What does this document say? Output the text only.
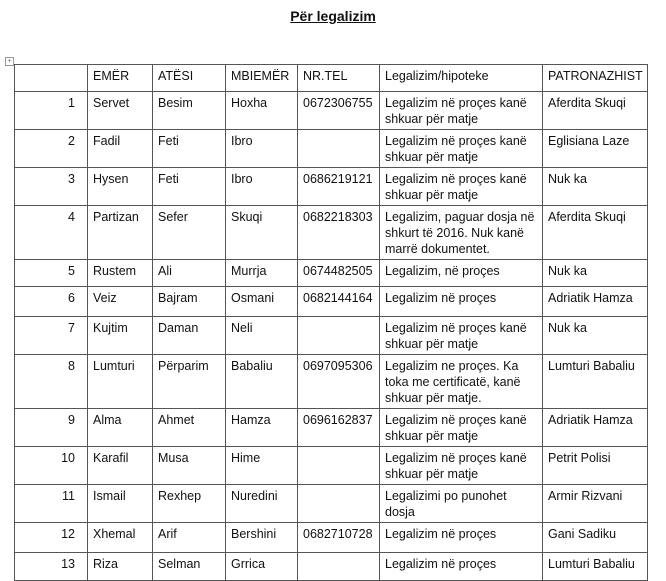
Për legalizim
+
	EMËR	ATËSI	MBIEMËR	NR.TEL	Legalizim/hipoteke	PATRONAZHIST
1	Servet	Besim	Hoxha	0672306755	Legalizim në proçes kanë shkuar për matje	Aferdita Skuqi
2	Fadil	Feti	Ibro		Legalizim në proçes kanë shkuar për matje	Eglisiana Laze
3	Hysen	Feti	Ibro	0686219121	Legalizim në proçes kanë shkuar për matje	Nuk ka
4	Partizan	Sefer	Skuqi	0682218303	Legalizim, paguar dosja në shkurt të 2016. Nuk kanë marrë dokumentet.	Aferdita Skuqi
5	Rustem	Ali	Murrja	0674482505	Legalizim, në proçes	Nuk ka
6	Veiz	Bajram	Osmani	0682144164	Legalizim në proçes	Adriatik Hamza
7	Kujtim	Daman	Neli		Legalizim në proçes kanë shkuar për matje	Nuk ka
8	Lumturi	Përparim	Babaliu	0697095306	Legalizim ne proçes. Ka toka me certificatë, kanë shkuar për matje.	Lumturi Babaliu
9	Alma	Ahmet	Hamza	0696162837	Legalizim në proçes kanë shkuar për matje	Adriatik Hamza
10	Karafil	Musa	Hime		Legalizim në proçes kanë shkuar për matje	Petrit Polisi
11	Ismail	Rexhep	Nuredini		Legalizimi po punohet dosja	Armir Rizvani
12	Xhemal	Arif	Bershini	0682710728	Legalizim në proçes	Gani Sadiku
13	Riza	Selman	Grrica		Legalizim në proçes	Lumturi Babaliu
